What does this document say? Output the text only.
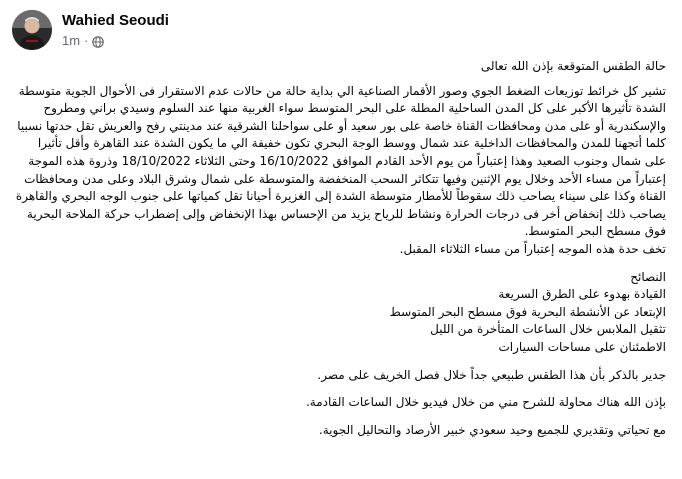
Wahied Seoudi
1m ·

حالة الطقس المتوقعة بإذن الله تعالى

تشير كل خرائط توزيعات الضغط الجوي وصور الأقمار الصناعية الي بداية حالة من حالات عدم الاستقرار فى الأحوال الجوية متوسطة الشدة تأثيرها الأكبر على كل المدن الساحلية المطلة على البحر المتوسط سواء الغربية منها عند السلوم وسيدي براني ومطروح والإسكندرية أو على مدن ومحافظات القناة خاصة على بور سعيد أو على سواحلنا الشرقية عند مدينتي رفح والعريش تقل حدتها نسبيا كلما أتجهنا للمدن والمحافظات الداخلية عند شمال ووسط الوجة البحري تكون خفيفة الي ما يكون الشدة عند القاهرة وأقل تأثيرا على شمال وجنوب الصعيد وهذا إعتباراً من يوم الأحد القادم الموافق 16/10/2022 وحتى الثلاثاء 18/10/2022 وذروة هذه الموجة إعتباراً من مساء الأحد وخلال يوم الإثنين وفيها تتكاثر السحب المنخفضة والمتوسطة على شمال وشرق البلاد وعلى مدن ومحافظات القناة وكذا على سيناء يصاحب ذلك سقوطاً للأمطار متوسطة الشدة إلى الغزيرة أحيانا تقل كمياتها على جنوب الوجه البحري والقاهرة يصاحب ذلك إنخفاض أخر فى درجات الحرارة ونشاط للرياح يزيد من الإحساس بهذا الإنخفاض وإلى إضطراب حركة الملاحة البحرية فوق مسطح البحر المتوسط.

تخف حدة هذه الموجه إعتباراً من مساء الثلاثاء المقبل.

النصائح

القيادة بهدوء على الطرق السريعة

الإبتعاد عن الأنشطة البحرية فوق مسطح البحر المتوسط

تثقيل الملابس خلال الساعات المتأخرة من الليل

الاطمئنان على مساحات السيارات

جدير بالذكر بأن هذا الطقس طبيعي جداً خلال فصل الخريف على مصر.

بإذن الله هناك محاولة للشرح مني من خلال فيديو خلال الساعات القادمة.

مع تحياتي وتقديري للجميع وحيد سعودي خبير الأرصاد والتحاليل الجوية.
